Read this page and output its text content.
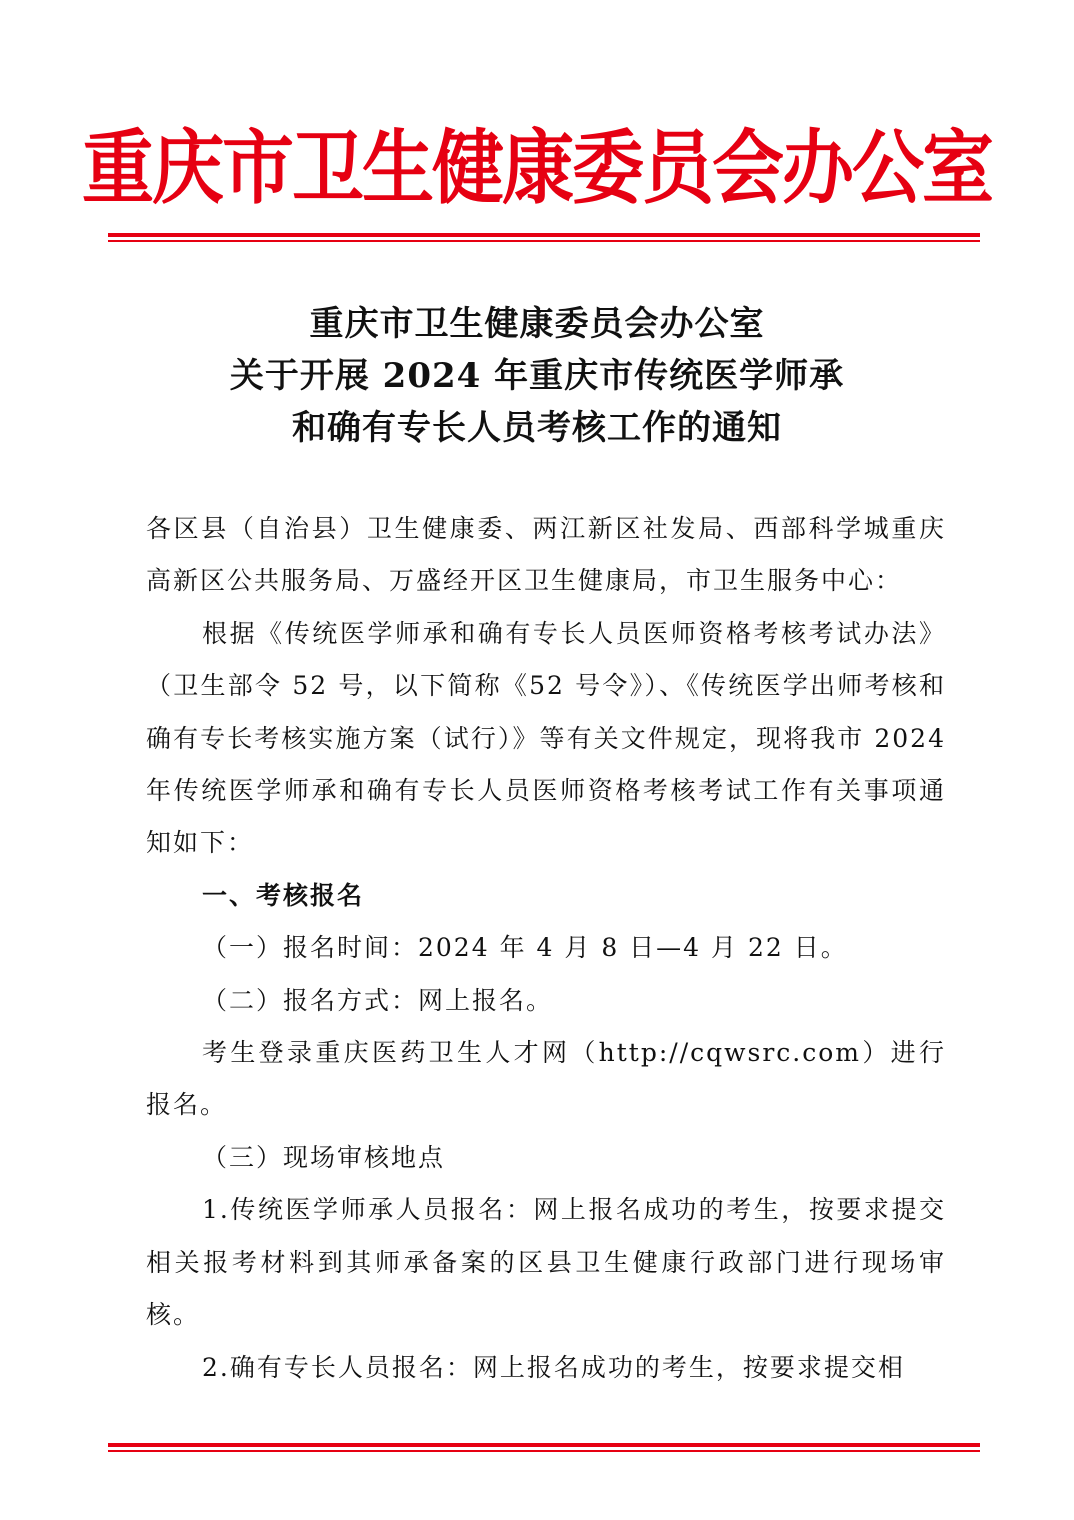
重庆市卫生健康委员会办公室
重庆市卫生健康委员会办公室
关于开展 2024 年重庆市传统医学师承
和确有专长人员考核工作的通知

各区县（自治县）卫生健康委、两江新区社发局、西部科学城重庆高新区公共服务局、万盛经开区卫生健康局，市卫生服务中心：

根据《传统医学师承和确有专长人员医师资格考核考试办法》（卫生部令 52 号，以下简称《52 号令》）、《传统医学出师考核和确有专长考核实施方案（试行）》等有关文件规定，现将我市 2024 年传统医学师承和确有专长人员医师资格考核考试工作有关事项通知如下：

一、考核报名

（一）报名时间：2024 年 4 月 8 日—4 月 22 日。

（二）报名方式：网上报名。

考生登录重庆医药卫生人才网（http://cqwsrc.com）进行报名。

（三）现场审核地点

1.传统医学师承人员报名：网上报名成功的考生，按要求提交相关报考材料到其师承备案的区县卫生健康行政部门进行现场审核。

2.确有专长人员报名：网上报名成功的考生，按要求提交相
